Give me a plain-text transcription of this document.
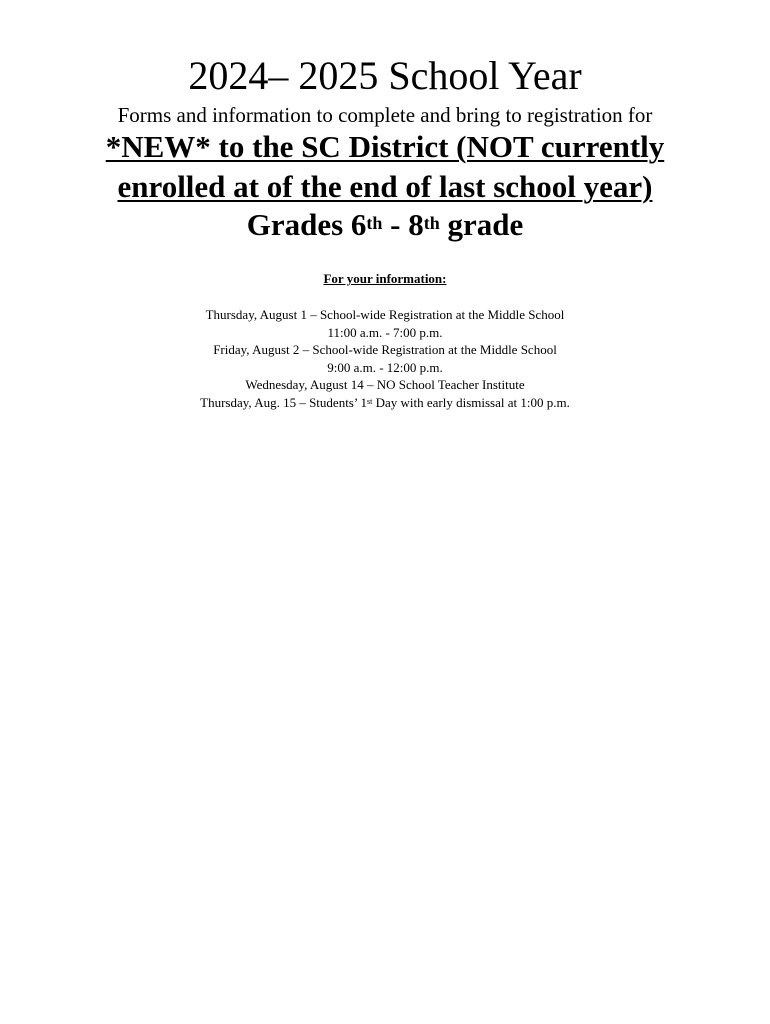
2024– 2025 School Year
Forms and information to complete and bring to registration for
*NEW* to the SC District (NOT currently
enrolled at of the end of last school year)
Grades 6th - 8th grade
For your information:
Thursday, August 1 – School-wide Registration at the Middle School
11:00 a.m. - 7:00 p.m.
Friday, August 2 – School-wide Registration at the Middle School
9:00 a.m. - 12:00 p.m.
Wednesday, August 14 – NO School Teacher Institute
Thursday, Aug. 15 – Students’ 1st Day with early dismissal at 1:00 p.m.
